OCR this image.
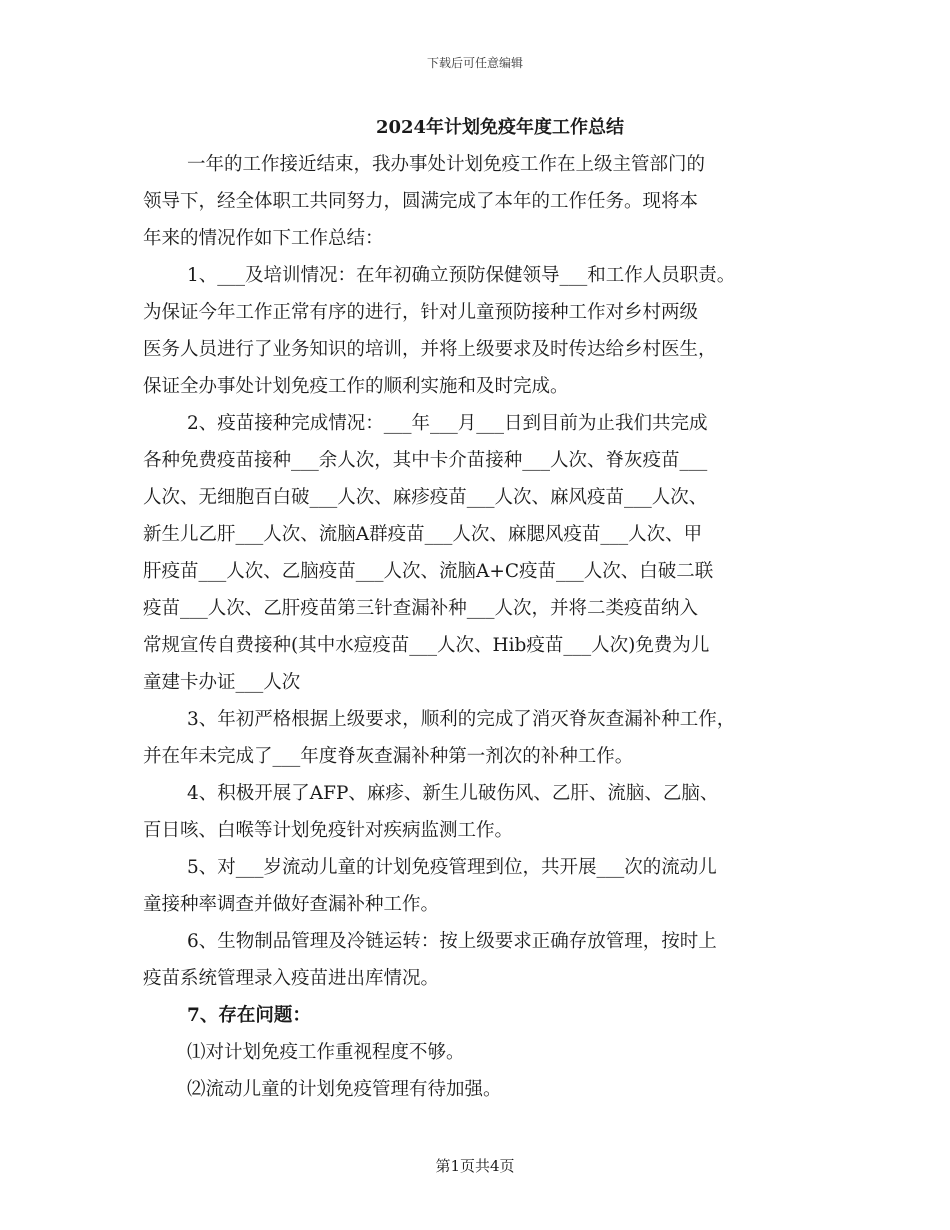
下载后可任意编辑
2024年计划免疫年度工作总结
一年的工作接近结束，我办事处计划免疫工作在上级主管部门的
领导下，经全体职工共同努力，圆满完成了本年的工作任务。现将本
年来的情况作如下工作总结：
1、___及培训情况：在年初确立预防保健领导___和工作人员职责。
为保证今年工作正常有序的进行，针对儿童预防接种工作对乡村两级
医务人员进行了业务知识的培训，并将上级要求及时传达给乡村医生，
保证全办事处计划免疫工作的顺利实施和及时完成。
2、疫苗接种完成情况：___年___月___日到目前为止我们共完成
各种免费疫苗接种___余人次，其中卡介苗接种___人次、脊灰疫苗___
人次、无细胞百白破___人次、麻疹疫苗___人次、麻风疫苗___人次、
新生儿乙肝___人次、流脑A群疫苗___人次、麻腮风疫苗___人次、甲
肝疫苗___人次、乙脑疫苗___人次、流脑A+C疫苗___人次、白破二联
疫苗___人次、乙肝疫苗第三针查漏补种___人次，并将二类疫苗纳入
常规宣传自费接种(其中水痘疫苗___人次、Hib疫苗___人次)免费为儿
童建卡办证___人次
3、年初严格根据上级要求，顺利的完成了消灭脊灰查漏补种工作，
并在年未完成了___年度脊灰查漏补种第一剂次的补种工作。
4、积极开展了AFP、麻疹、新生儿破伤风、乙肝、流脑、乙脑、
百日咳、白喉等计划免疫针对疾病监测工作。
5、对___岁流动儿童的计划免疫管理到位，共开展___次的流动儿
童接种率调查并做好查漏补种工作。
6、生物制品管理及冷链运转：按上级要求正确存放管理，按时上
疫苗系统管理录入疫苗进出库情况。
7、存在问题：
⑴对计划免疫工作重视程度不够。
⑵流动儿童的计划免疫管理有待加强。
第1页共4页
